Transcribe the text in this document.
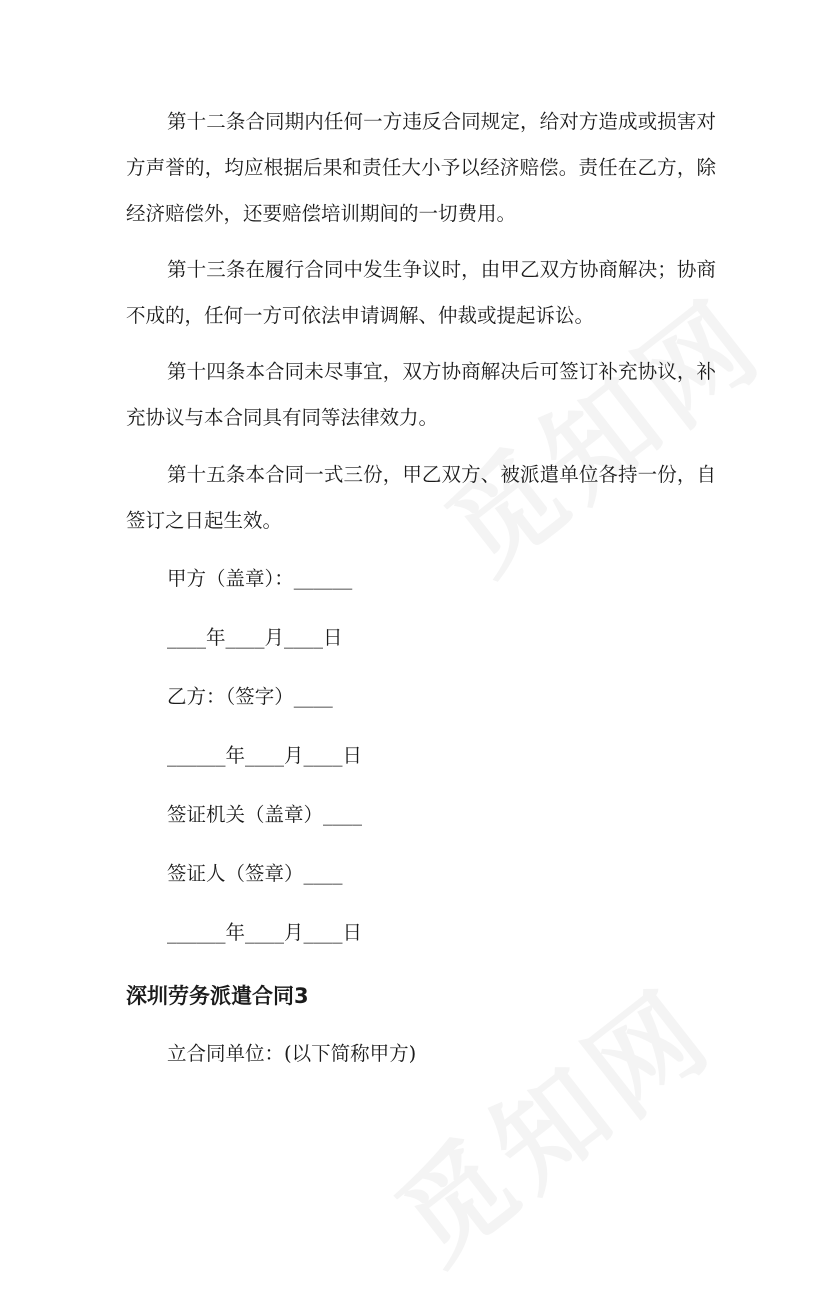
第十二条合同期内任何一方违反合同规定，给对方造成或损害对方声誉的，均应根据后果和责任大小予以经济赔偿。责任在乙方，除经济赔偿外，还要赔偿培训期间的一切费用。

第十三条在履行合同中发生争议时，由甲乙双方协商解决；协商不成的，任何一方可依法申请调解、仲裁或提起诉讼。

第十四条本合同未尽事宜，双方协商解决后可签订补充协议，补充协议与本合同具有同等法律效力。

第十五条本合同一式三份，甲乙双方、被派遣单位各持一份，自签订之日起生效。

甲方（盖章）：______

____年____月____日

乙方：（签字）____

______年____月____日

签证机关（盖章）____

签证人（签章）____

______年____月____日

深圳劳务派遣合同3

立合同单位：(以下简称甲方)
